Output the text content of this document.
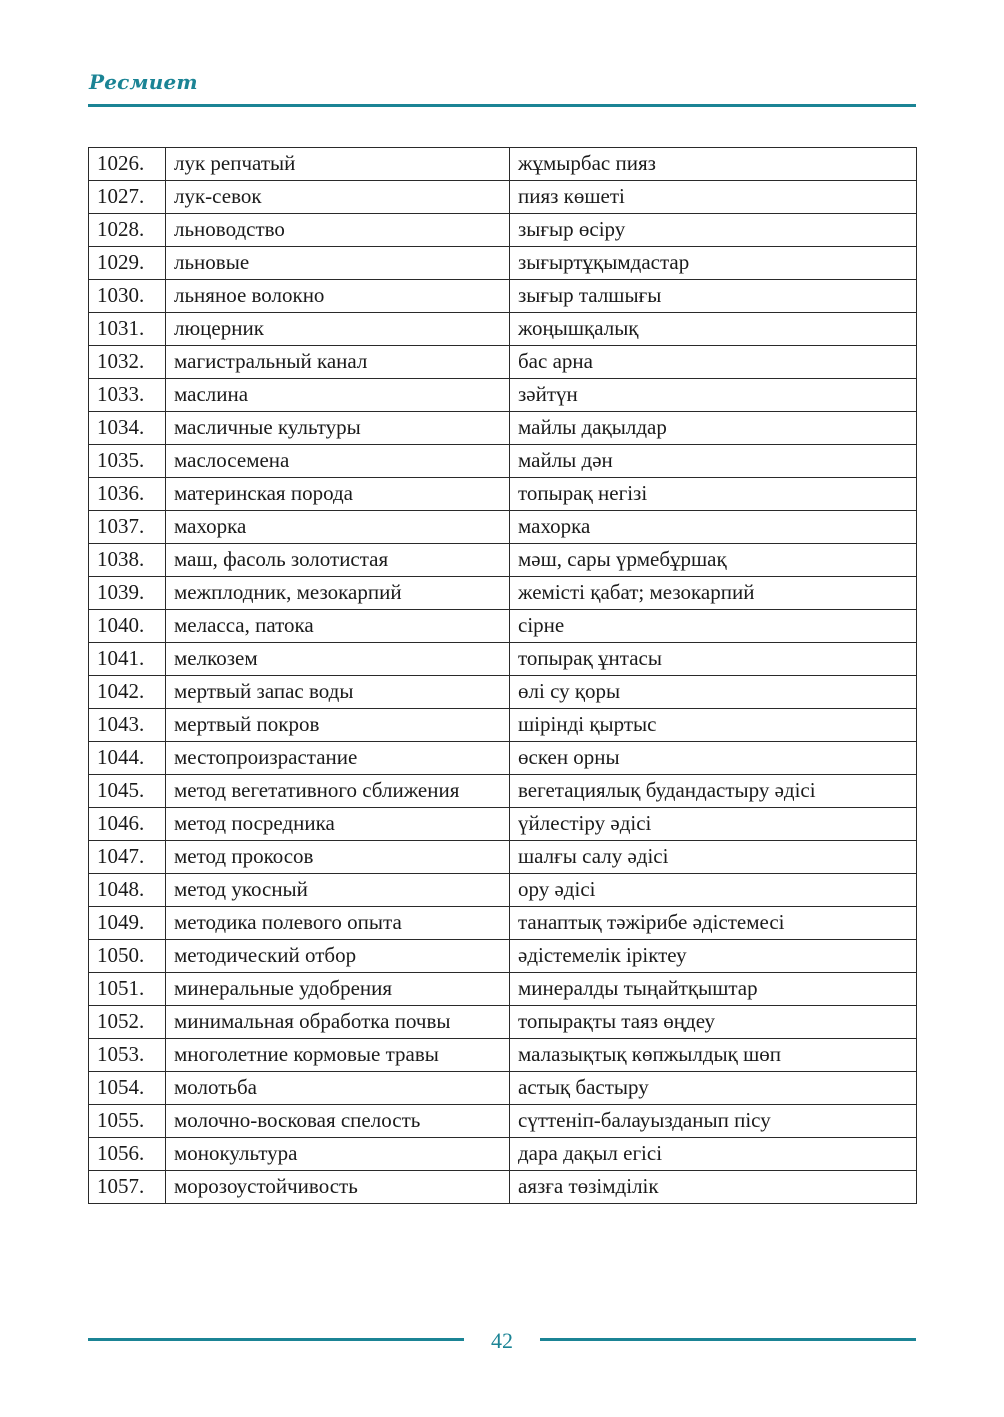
Ресмиет
1026.	лук репчатый	жұмырбас пияз
1027.	лук-севок	пияз көшеті
1028.	льноводство	зығыр өсіру
1029.	льновые	зығыртұқымдастар
1030.	льняное волокно	зығыр талшығы
1031.	люцерник	жоңышқалық
1032.	магистральный канал	бас арна
1033.	маслина	зәйтүн
1034.	масличные культуры	майлы дақылдар
1035.	маслосемена	майлы дән
1036.	материнская порода	топырақ негізі
1037.	махорка	махорка
1038.	маш, фасоль золотистая	мәш, сары үрмебұршақ
1039.	межплодник, мезокарпий	жемісті қабат; мезокарпий
1040.	меласса, патока	сірне
1041.	мелкозем	топырақ ұнтасы
1042.	мертвый запас воды	өлі су қоры
1043.	мертвый покров	шірінді қыртыс
1044.	местопроизрастание	өскен орны
1045.	метод вегетативного сближения	вегетациялық будандастыру әдісі
1046.	метод посредника	үйлестіру әдісі
1047.	метод прокосов	шалғы салу әдісі
1048.	метод укосный	ору әдісі
1049.	методика полевого опыта	танаптық тәжірибе әдістемесі
1050.	методический отбор	әдістемелік іріктеу
1051.	минеральные удобрения	минералды тыңайтқыштар
1052.	минимальная обработка почвы	топырақты таяз өңдеу
1053.	многолетние кормовые травы	малазықтық көпжылдық шөп
1054.	молотьба	астық бастыру
1055.	молочно-восковая спелость	сүттеніп-балауызданып пісу
1056.	монокультура	дара дақыл егісі
1057.	морозоустойчивость	аязға төзімділік
42
